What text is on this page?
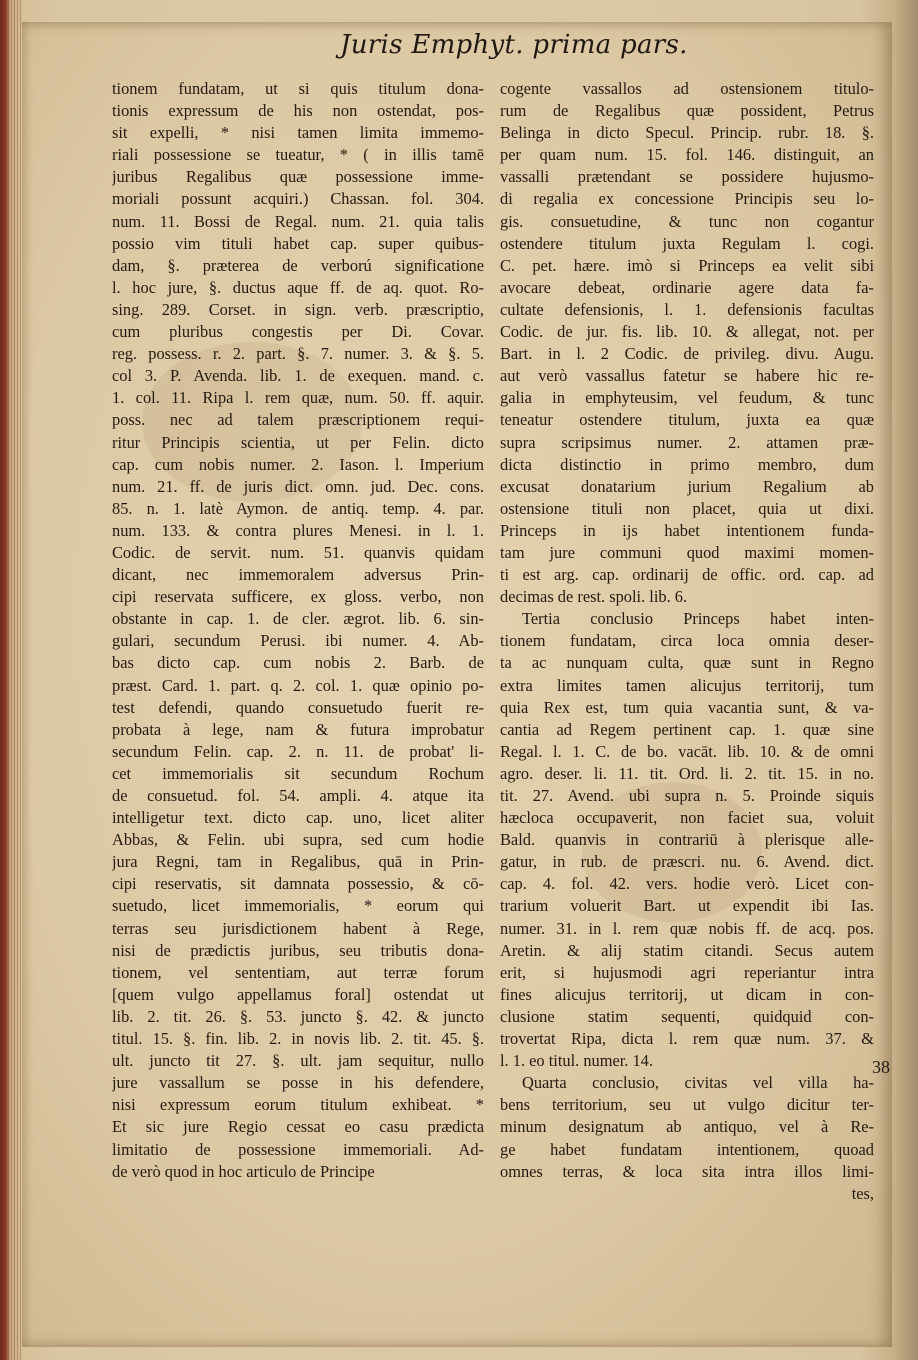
Juris Emphyt. prima pars.
tionem fundatam, ut si quis titulum dona-
tionis expressum de his non ostendat, pos-
sit expelli, * nisi tamen limita immemo-
riali possessione se tueatur, * ( in illis tamē
juribus Regalibus quæ possessione imme-
moriali possunt acquiri.) Chassan. fol. 304.
num. 11. Bossi de Regal. num. 21. quia talis
possio vim tituli habet cap. super quibus-
dam, §. præterea de verború significatione
l. hoc jure, §. ductus aque ff. de aq. quot. Ro-
sing. 289. Corset. in sign. verb. præscriptio,
cum pluribus congestis per Di. Covar.
reg. possess. r. 2. part. §. 7. numer. 3. & §. 5.
col 3. P. Avenda. lib. 1. de exequen. mand. c.
1. col. 11. Ripa l. rem quæ, num. 50. ff. aquir.
poss. nec ad talem præscriptionem requi-
ritur Principis scientia, ut per Felin. dicto
cap. cum nobis numer. 2. Iason. l. Imperium
num. 21. ff. de juris dict. omn. jud. Dec. cons.
85. n. 1. latè Aymon. de antiq. temp. 4. par.
num. 133. & contra plures Menesi. in l. 1.
Codic. de servit. num. 51. quanvis quidam
dicant, nec immemoralem adversus Prin-
cipi reservata sufficere, ex gloss. verbo, non
obstante in cap. 1. de cler. ægrot. lib. 6. sin-
gulari, secundum Perusi. ibi numer. 4. Ab-
bas dicto cap. cum nobis 2. Barb. de
præst. Card. 1. part. q. 2. col. 1. quæ opinio po-
test defendi, quando consuetudo fuerit re-
probata à lege, nam & futura improbatur
secundum Felin. cap. 2. n. 11. de probat' li-
cet immemorialis sit secundum Rochum
de consuetud. fol. 54. ampli. 4. atque ita
intelligetur text. dicto cap. uno, licet aliter
Abbas, & Felin. ubi supra, sed cum hodie
jura Regni, tam in Regalibus, quā in Prin-
cipi reservatis, sit damnata possessio, & cō-
suetudo, licet immemorialis, * eorum qui
terras seu jurisdictionem habent à Rege,
nisi de prædictis juribus, seu tributis dona-
tionem, vel sententiam, aut terræ forum
[quem vulgo appellamus foral] ostendat ut
lib. 2. tit. 26. §. 53. juncto §. 42. & juncto
titul. 15. §. fin. lib. 2. in novis lib. 2. tit. 45. §.
ult. juncto tit 27. §. ult. jam sequitur, nullo
jure vassallum se posse in his defendere,
nisi expressum eorum titulum exhibeat. *
Et sic jure Regio cessat eo casu prædicta
limitatio de possessione immemoriali. Ad-
de verò quod in hoc articulo de Principe
cogente vassallos ad ostensionem titulo-
rum de Regalibus quæ possident, Petrus
Belinga in dicto Specul. Princip. rubr. 18. §.
per quam num. 15. fol. 146. distinguit, an
vassalli prætendant se possidere hujusmo-
di regalia ex concessione Principis seu lo-
gis. consuetudine, & tunc non cogantur
ostendere titulum juxta Regulam l. cogi.
C. pet. hære. imò si Princeps ea velit sibi
avocare debeat, ordinarie agere data fa-
cultate defensionis, l. 1. defensionis facultas
Codic. de jur. fis. lib. 10. & allegat, not. per
Bart. in l. 2 Codic. de privileg. divu. Augu.
aut verò vassallus fatetur se habere hic re-
galia in emphyteusim, vel feudum, & tunc
teneatur ostendere titulum, juxta ea quæ
supra scripsimus numer. 2. attamen præ-
dicta distinctio in primo membro, dum
excusat donatarium jurium Regalium ab
ostensione tituli non placet, quia ut dixi.
Princeps in ijs habet intentionem funda-
tam jure communi quod maximi momen-
ti est arg. cap. ordinarij de offic. ord. cap. ad
decimas de rest. spoli. lib. 6.
Tertia conclusio Princeps habet inten-
tionem fundatam, circa loca omnia deser-
ta ac nunquam culta, quæ sunt in Regno
extra limites tamen alicujus territorij, tum
quia Rex est, tum quia vacantia sunt, & va-
cantia ad Regem pertinent cap. 1. quæ sine
Regal. l. 1. C. de bo. vacāt. lib. 10. & de omni
agro. deser. li. 11. tit. Ord. li. 2. tit. 15. in no.
tit. 27. Avend. ubi supra n. 5. Proinde siquis
hæcloca occupaverit, non faciet sua, voluit
Bald. quanvis in contrariū à plerisque alle-
gatur, in rub. de præscri. nu. 6. Avend. dict.
cap. 4. fol. 42. vers. hodie verò. Licet con-
trarium voluerit Bart. ut expendit ibi Ias.
numer. 31. in l. rem quæ nobis ff. de acq. pos.
Aretin. & alij statim citandi. Secus autem
erit, si hujusmodi agri reperiantur intra
fines alicujus territorij, ut dicam in con-
clusione statim sequenti, quidquid con-
trovertat Ripa, dicta l. rem quæ num. 37. &
l. 1. eo titul. numer. 14.
Quarta conclusio, civitas vel villa ha-
bens territorium, seu ut vulgo dicitur ter-
minum designatum ab antiquo, vel à Re-
ge habet fundatam intentionem, quoad
omnes terras, & loca sita intra illos limi-
tes,
38
